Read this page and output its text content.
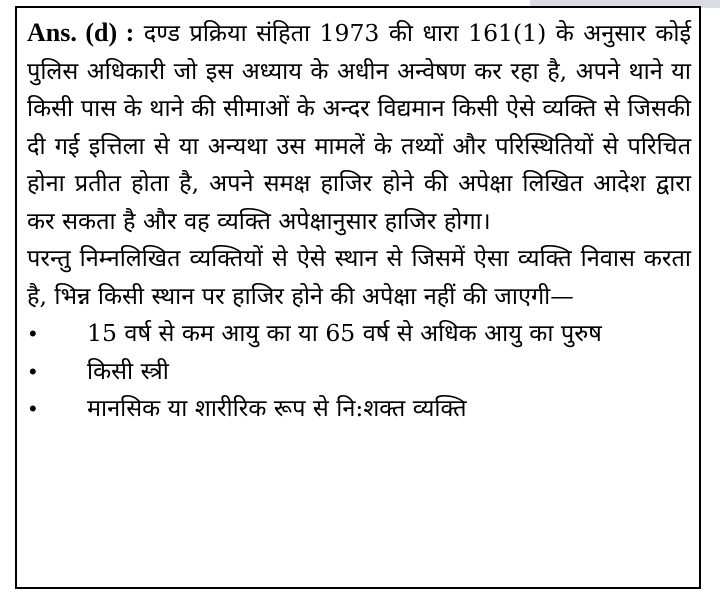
Ans. (d) : दण्ड प्रक्रिया संहिता 1973 की धारा 161(1) के अनुसार कोई पुलिस अधिकारी जो इस अध्याय के अधीन अन्वेषण कर रहा है, अपने थाने या किसी पास के थाने की सीमाओं के अन्दर विद्यमान किसी ऐसे व्यक्ति से जिसकी दी गई इत्तिला से या अन्यथा उस मामलें के तथ्यों और परिस्थितियों से परिचित होना प्रतीत होता है, अपने समक्ष हाजिर होने की अपेक्षा लिखित आदेश द्वारा कर सकता है और वह व्यक्ति अपेक्षानुसार हाजिर होगा।

परन्तु निम्नलिखित व्यक्तियों से ऐसे स्थान से जिसमें ऐसा व्यक्ति निवास करता है, भिन्न किसी स्थान पर हाजिर होने की अपेक्षा नहीं की जाएगी—

• 15 वर्ष से कम आयु का या 65 वर्ष से अधिक आयु का पुरुष
• किसी स्त्री
• मानसिक या शारीरिक रूप से नि:शक्त व्यक्ति
